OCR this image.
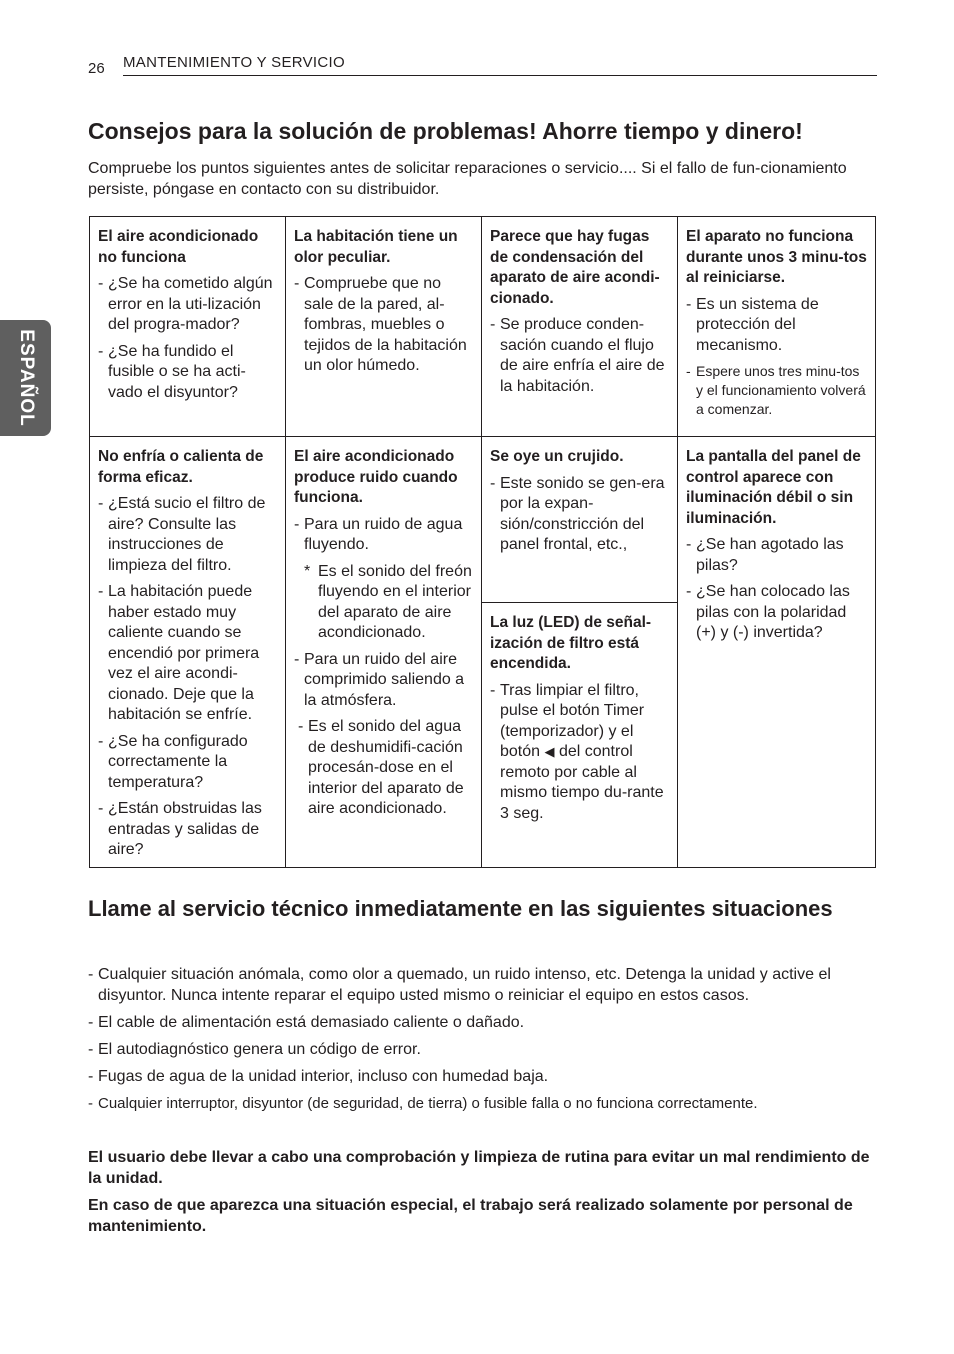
26 MANTENIMIENTO Y SERVICIO
ESPAÑOL
Consejos para la solución de problemas! Ahorre tiempo y dinero!

Compruebe los puntos siguientes antes de solicitar reparaciones o servicio.... Si el fallo de fun-cionamiento persiste, póngase en contacto con su distribuidor.

El aire acondicionado no funciona

- ¿Se ha cometido algún error en la uti-lización del progra-mador?

- ¿Se ha fundido el fusible o se ha acti-vado el disyuntor?

La habitación tiene un olor peculiar.

- Compruebe que no sale de la pared, al-fombras, muebles o tejidos de la habitación un olor húmedo.

Parece que hay fugas de condensación del aparato de aire acondi-cionado.

- Se produce conden-sación cuando el flujo de aire enfría el aire de la habitación.

El aparato no funciona durante unos 3 minu-tos al reiniciarse.

- Es un sistema de protección del mecanismo.

- Espere unos tres minu-tos y el funcionamiento volverá a comenzar.

No enfría o calienta de forma eficaz.

- ¿Está sucio el filtro de aire? Consulte las instrucciones de limpieza del filtro.

- La habitación puede haber estado muy caliente cuando se encendió por primera vez el aire acondi-cionado. Deje que la habitación se enfríe.

- ¿Se ha configurado correctamente la temperatura?

- ¿Están obstruidas las entradas y salidas de aire?

El aire acondicionado produce ruido cuando funciona.

- Para un ruido de agua fluyendo.

* Es el sonido del freón fluyendo en el interior del aparato de aire acondicionado.

- Para un ruido del aire comprimido saliendo a la atmósfera.

- Es el sonido del agua de deshumidifi-cación procesán-dose en el interior del aparato de aire acondicionado.

Se oye un crujido.

- Este sonido se gen-era por la expan-sión/constricción del panel frontal, etc.,

La luz (LED) de señal-ización de filtro está encendida.

- Tras limpiar el filtro, pulse el botón Timer (temporizador) y el botón ◀ del control remoto por cable al mismo tiempo du-rante 3 seg.

La pantalla del panel de control aparece con iluminación débil o sin iluminación.

- ¿Se han agotado las pilas?

- ¿Se han colocado las pilas con la polaridad (+) y (-) invertida?

Llame al servicio técnico inmediatamente en las siguientes situaciones
- Cualquier situación anómala, como olor a quemado, un ruido intenso, etc. Detenga la unidad y active el disyuntor. Nunca intente reparar el equipo usted mismo o reiniciar el equipo en estos casos.
- El cable de alimentación está demasiado caliente o dañado.
- El autodiagnóstico genera un código de error.
- Fugas de agua de la unidad interior, incluso con humedad baja.
- Cualquier interruptor, disyuntor (de seguridad, de tierra) o fusible falla o no funciona correctamente.

El usuario debe llevar a cabo una comprobación y limpieza de rutina para evitar un mal rendimiento de la unidad.

En caso de que aparezca una situación especial, el trabajo será realizado solamente por personal de mantenimiento.
